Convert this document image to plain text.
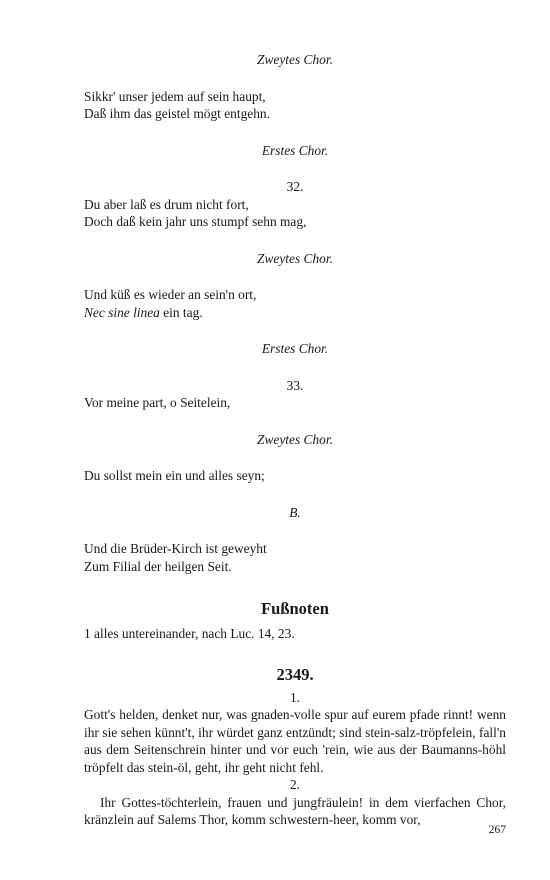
Zweytes Chor.
Sikkr' unser jedem auf sein haupt,
Daß ihm das geistel mögt entgehn.
Erstes Chor.
32.
Du aber laß es drum nicht fort,
Doch daß kein jahr uns stumpf sehn mag,
Zweytes Chor.
Und küß es wieder an sein'n ort,
Nec sine linea ein tag.
Erstes Chor.
33.
Vor meine part, o Seitelein,
Zweytes Chor.
Du sollst mein ein und alles seyn;
B.
Und die Brüder-Kirch ist geweyht
Zum Filial der heilgen Seit.
Fußnoten
1 alles untereinander, nach Luc. 14, 23.
2349.
1.
Gott's helden, denket nur, was gnaden-volle spur auf eurem pfade rinnt! wenn ihr sie sehen künnt't, ihr würdet ganz entzündt; sind stein-salz-tröpfelein, fall'n aus dem Seitenschrein hinter und vor euch 'rein, wie aus der Baumanns-höhl tröpfelt das stein-öl, geht, ihr geht nicht fehl.
2.
Ihr Gottes-töchterlein, frauen und jungfräulein! in dem vierfachen Chor, kränzlein auf Salems Thor, komm schwestern-heer, komm vor,
267
